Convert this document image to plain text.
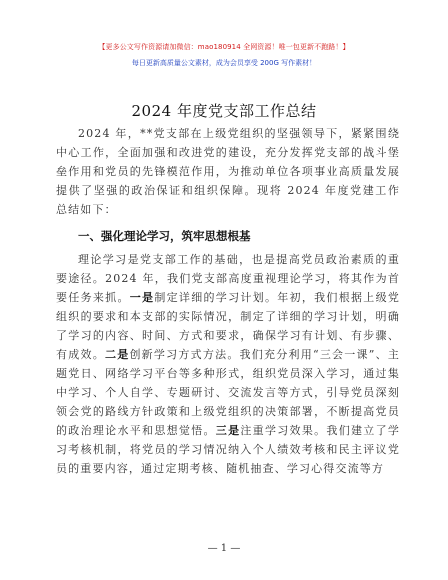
【更多公文写作资源请加微信：mao180914 全网资源！唯一包更新不跑路！】
每日更新高质量公文素材，成为会员享受 200G 写作素材！
2024 年度党支部工作总结
2024 年，**党支部在上级党组织的坚强领导下，紧紧围绕中心工作，全面加强和改进党的建设，充分发挥党支部的战斗堡垒作用和党员的先锋模范作用，为推动单位各项事业高质量发展提供了坚强的政治保证和组织保障。现将 2024 年度党建工作总结如下：
一、强化理论学习，筑牢思想根基
理论学习是党支部工作的基础，也是提高党员政治素质的重要途径。2024 年，我们党支部高度重视理论学习，将其作为首要任务来抓。一是制定详细的学习计划。年初，我们根据上级党组织的要求和本支部的实际情况，制定了详细的学习计划，明确了学习的内容、时间、方式和要求，确保学习有计划、有步骤、有成效。二是创新学习方式方法。我们充分利用“三会一课”、主题党日、网络学习平台等多种形式，组织党员深入学习，通过集中学习、个人自学、专题研讨、交流发言等方式，引导党员深刻领会党的路线方针政策和上级党组织的决策部署，不断提高党员的政治理论水平和思想觉悟。三是注重学习效果。我们建立了学习考核机制，将党员的学习情况纳入个人绩效考核和民主评议党员的重要内容，通过定期考核、随机抽查、学习心得交流等方
— 1 —
